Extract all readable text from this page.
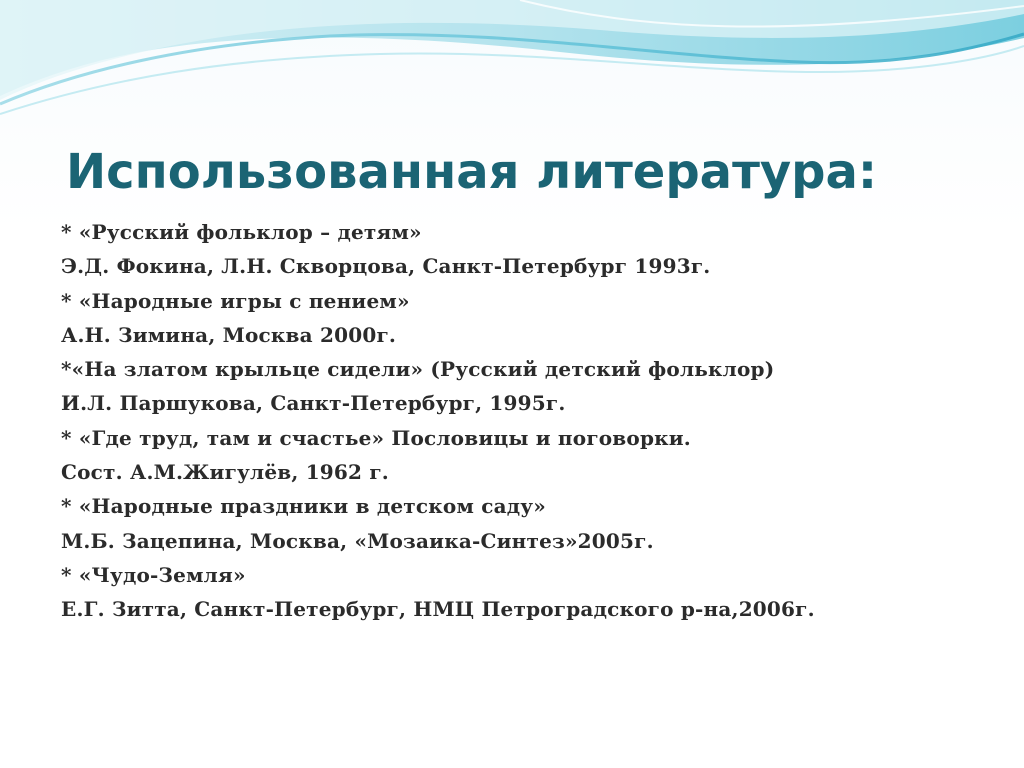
Использованная литература:
* «Русский фольклор – детям»
Э.Д. Фокина, Л.Н. Скворцова, Санкт-Петербург 1993г.
* «Народные игры с пением»
А.Н. Зимина, Москва 2000г.
*«На златом крыльце сидели» (Русский детский фольклор)
И.Л. Паршукова, Санкт-Петербург, 1995г.
* «Где труд, там и счастье» Пословицы и поговорки.
Сост. А.М.Жигулёв, 1962 г.
* «Народные праздники в детском саду»
М.Б. Зацепина, Москва, «Мозаика-Синтез»2005г.
* «Чудо-Земля»
Е.Г. Зитта, Санкт-Петербург, НМЦ Петроградского р-на,2006г.
